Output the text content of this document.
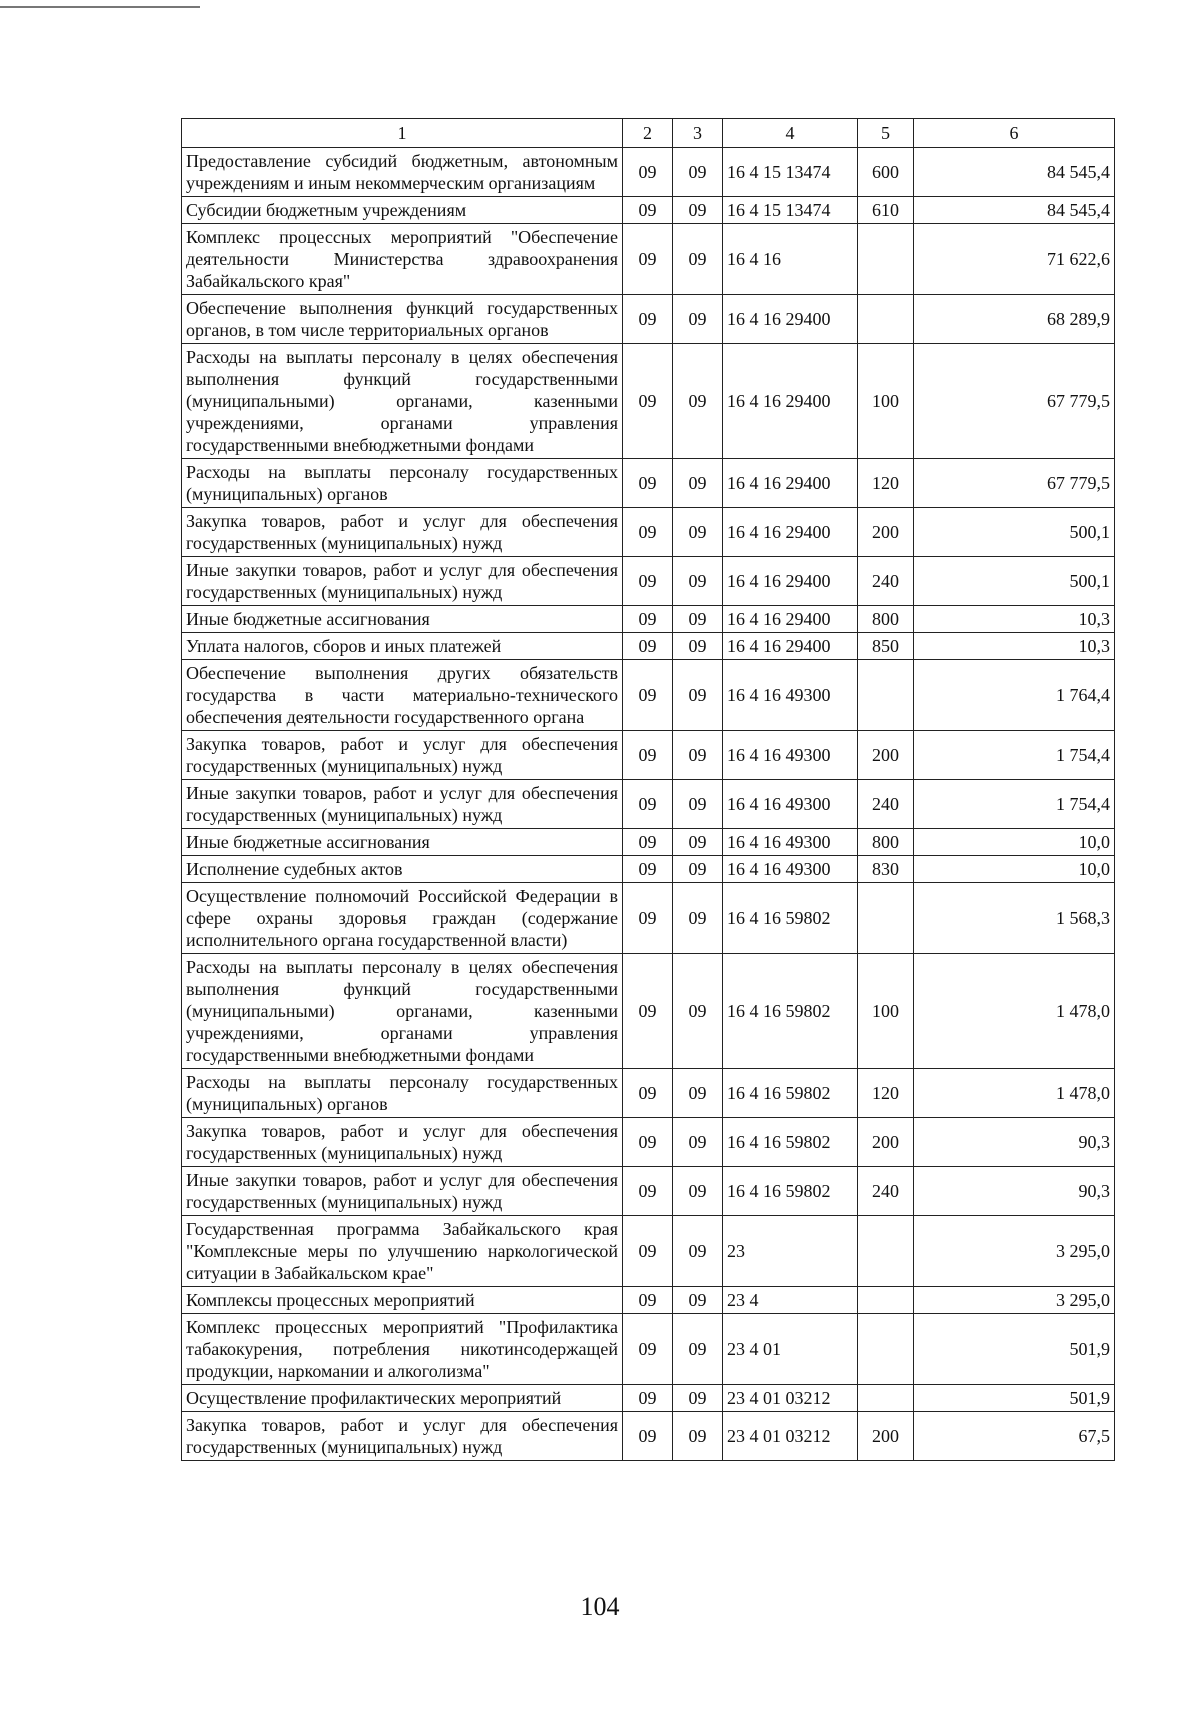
1	2	3	4	5	6
Предоставление субсидий бюджетным, автономным учреждениям и иным некоммерческим организациям	09	09	16 4 15 13474	600	84 545,4
Субсидии бюджетным учреждениям	09	09	16 4 15 13474	610	84 545,4
Комплекс процессных мероприятий "Обеспечение деятельности Министерства здравоохранения Забайкальского края"	09	09	16 4 16		71 622,6
Обеспечение выполнения функций государственных органов, в том числе территориальных органов	09	09	16 4 16 29400		68 289,9
Расходы на выплаты персоналу в целях обеспечения выполнения функций государственными (муниципальными) органами, казенными учреждениями, органами управления государственными внебюджетными фондами	09	09	16 4 16 29400	100	67 779,5
Расходы на выплаты персоналу государственных (муниципальных) органов	09	09	16 4 16 29400	120	67 779,5
Закупка товаров, работ и услуг для обеспечения государственных (муниципальных) нужд	09	09	16 4 16 29400	200	500,1
Иные закупки товаров, работ и услуг для обеспечения государственных (муниципальных) нужд	09	09	16 4 16 29400	240	500,1
Иные бюджетные ассигнования	09	09	16 4 16 29400	800	10,3
Уплата налогов, сборов и иных платежей	09	09	16 4 16 29400	850	10,3
Обеспечение выполнения других обязательств государства в части материально-технического обеспечения деятельности государственного органа	09	09	16 4 16 49300		1 764,4
Закупка товаров, работ и услуг для обеспечения государственных (муниципальных) нужд	09	09	16 4 16 49300	200	1 754,4
Иные закупки товаров, работ и услуг для обеспечения государственных (муниципальных) нужд	09	09	16 4 16 49300	240	1 754,4
Иные бюджетные ассигнования	09	09	16 4 16 49300	800	10,0
Исполнение судебных актов	09	09	16 4 16 49300	830	10,0
Осуществление полномочий Российской Федерации в сфере охраны здоровья граждан (содержание исполнительного органа государственной власти)	09	09	16 4 16 59802		1 568,3
Расходы на выплаты персоналу в целях обеспечения выполнения функций государственными (муниципальными) органами, казенными учреждениями, органами управления государственными внебюджетными фондами	09	09	16 4 16 59802	100	1 478,0
Расходы на выплаты персоналу государственных (муниципальных) органов	09	09	16 4 16 59802	120	1 478,0
Закупка товаров, работ и услуг для обеспечения государственных (муниципальных) нужд	09	09	16 4 16 59802	200	90,3
Иные закупки товаров, работ и услуг для обеспечения государственных (муниципальных) нужд	09	09	16 4 16 59802	240	90,3
Государственная программа Забайкальского края "Комплексные меры по улучшению наркологической ситуации в Забайкальском крае"	09	09	23		3 295,0
Комплексы процессных мероприятий	09	09	23 4		3 295,0
Комплекс процессных мероприятий "Профилактика табакокурения, потребления никотинсодержащей продукции, наркомании и алкоголизма"	09	09	23 4 01		501,9
Осуществление профилактических мероприятий	09	09	23 4 01 03212		501,9
Закупка товаров, работ и услуг для обеспечения государственных (муниципальных) нужд	09	09	23 4 01 03212	200	67,5
104
